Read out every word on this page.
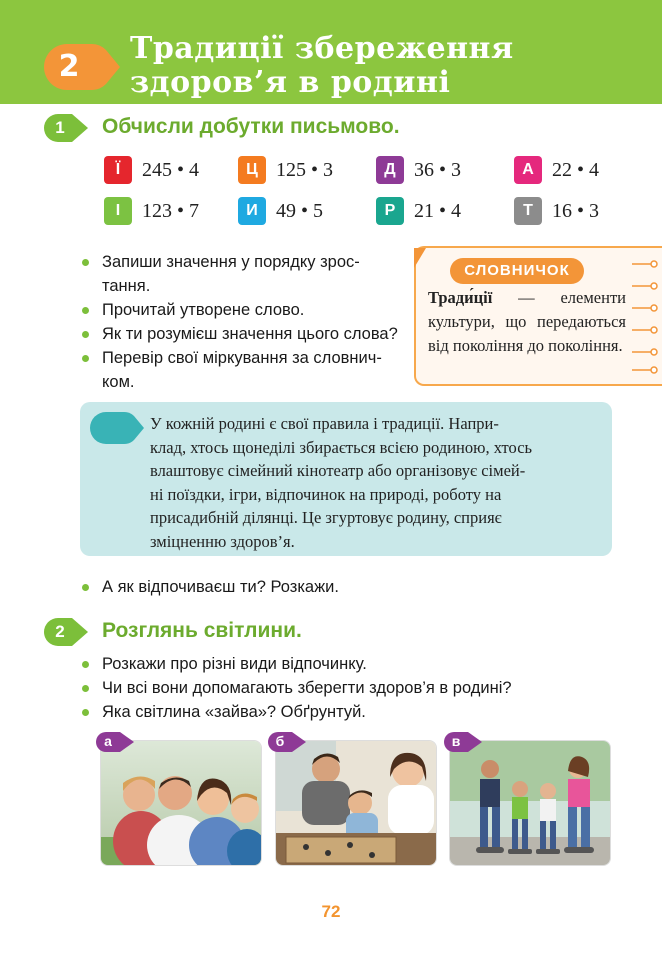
2
Традиції збереження
здоров’я в родині
1	Обчисли добутки письмово.
Ї	245 • 4	Ц 125 • 3	Д 36 • 3	А 22 • 4
І	123 • 7	И 49 • 5	Р 21 • 4	Т 16 • 3
Запиши значення у порядку зрос-
тання.
Прочитай утворене слово.
Як ти розумієш значення цього слова?
Перевір свої міркування за словнич-
ком.
СЛОВНИЧОК
Тради́ції — елементи культури, що передаються від покоління до покоління.
У кожній родині є свої правила і традиції. Напри-
клад, хтось щонеділі збирається всією родиною, хтось
влаштовує сімейний кінотеатр або організовує сімей-
ні поїздки, ігри, відпочинок на природі, роботу на
присадибній ділянці. Це згуртовує родину, сприяє
зміцненню здоров’я.
А як відпочиваєш ти? Розкажи.
2	Розглянь світлини.
Розкажи про різні види відпочинку.
Чи всі вони допомагають зберегти здоров’я в родині?
Яка світлина «зайва»? Обґрунтуй.
а	б	в
72
